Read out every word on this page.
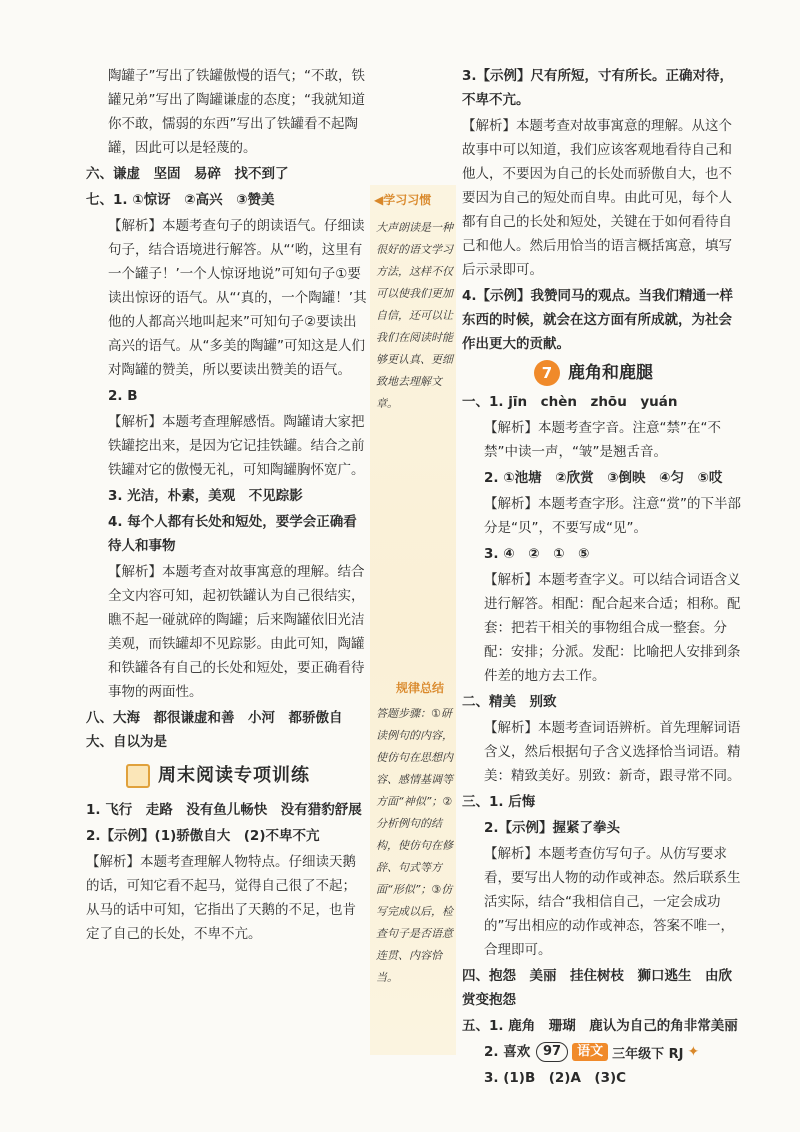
陶罐子”写出了铁罐傲慢的语气；“不敢，铁罐兄弟”写出了陶罐谦虚的态度；“我就知道你不敢，懦弱的东西”写出了铁罐看不起陶罐，因此可以是轻蔑的。

六、谦虚　坚固　易碎　找不到了

七、1. ①惊讶　②高兴　③赞美

【解析】本题考查句子的朗读语气。仔细读句子，结合语境进行解答。从“‘哟，这里有一个罐子！’一个人惊讶地说”可知句子①要读出惊讶的语气。从“‘真的，一个陶罐！’其他的人都高兴地叫起来”可知句子②要读出高兴的语气。从“多美的陶罐”可知这是人们对陶罐的赞美，所以要读出赞美的语气。

2. B

【解析】本题考查理解感悟。陶罐请大家把铁罐挖出来，是因为它记挂铁罐。结合之前铁罐对它的傲慢无礼，可知陶罐胸怀宽广。

3. 光洁，朴素，美观　不见踪影

4. 每个人都有长处和短处，要学会正确看待人和事物

【解析】本题考查对故事寓意的理解。结合全文内容可知，起初铁罐认为自己很结实，瞧不起一碰就碎的陶罐；后来陶罐依旧光洁美观，而铁罐却不见踪影。由此可知，陶罐和铁罐各有自己的长处和短处，要正确看待事物的两面性。

八、大海　都很谦虚和善　小河　都骄傲自大、自以为是

周末阅读专项训练

1. 飞行　走路　没有鱼儿畅快　没有猎豹舒展

2.【示例】(1)骄傲自大　(2)不卑不亢

【解析】本题考查理解人物特点。仔细读天鹅的话，可知它看不起马，觉得自己很了不起；从马的话中可知，它指出了天鹅的不足，也肯定了自己的长处，不卑不亢。

◀学习习惯
大声朗读是一种很好的语文学习方法，这样不仅可以使我们更加自信，还可以让我们在阅读时能够更认真、更细致地去理解文章。
规律总结
答题步骤：①研读例句的内容，使仿句在思想内容、感情基调等方面“神似”；②分析例句的结构，使仿句在修辞、句式等方面“形似”；③仿写完成以后，检查句子是否语意连贯、内容恰当。

3.【示例】尺有所短，寸有所长。正确对待，不卑不亢。

【解析】本题考查对故事寓意的理解。从这个故事中可以知道，我们应该客观地看待自己和他人，不要因为自己的长处而骄傲自大，也不要因为自己的短处而自卑。由此可见，每个人都有自己的长处和短处，关键在于如何看待自己和他人。然后用恰当的语言概括寓意，填写后示录即可。

4.【示例】我赞同马的观点。当我们精通一样东西的时候，就会在这方面有所成就，为社会作出更大的贡献。

7 鹿角和鹿腿

一、1. jīn　chèn　zhōu　yuán

【解析】本题考查字音。注意“禁”在“不禁”中读一声，“皱”是翘舌音。

2. ①池塘　②欣赏　③倒映　④匀　⑤哎

【解析】本题考查字形。注意“赏”的下半部分是“贝”，不要写成“见”。

3. ④　②　①　⑤

【解析】本题考查字义。可以结合词语含义进行解答。相配：配合起来合适；相称。配套：把若干相关的事物组合成一整套。分配：安排；分派。发配：比喻把人安排到条件差的地方去工作。

二、精美　别致

【解析】本题考查词语辨析。首先理解词语含义，然后根据句子含义选择恰当词语。精美：精致美好。别致：新奇，跟寻常不同。

三、1. 后悔

2.【示例】握紧了拳头

【解析】本题考查仿写句子。从仿写要求看，要写出人物的动作或神态。然后联系生活实际，结合“我相信自己，一定会成功的”写出相应的动作或神态，答案不唯一，合理即可。

四、抱怨　美丽　挂住树枝　狮口逃生　由欣赏变抱怨

五、1. 鹿角　珊瑚　鹿认为自己的角非常美丽

2. 喜欢

3. (1)B　(2)A　(3)C

97	语文 三年级下 RJ ✦
